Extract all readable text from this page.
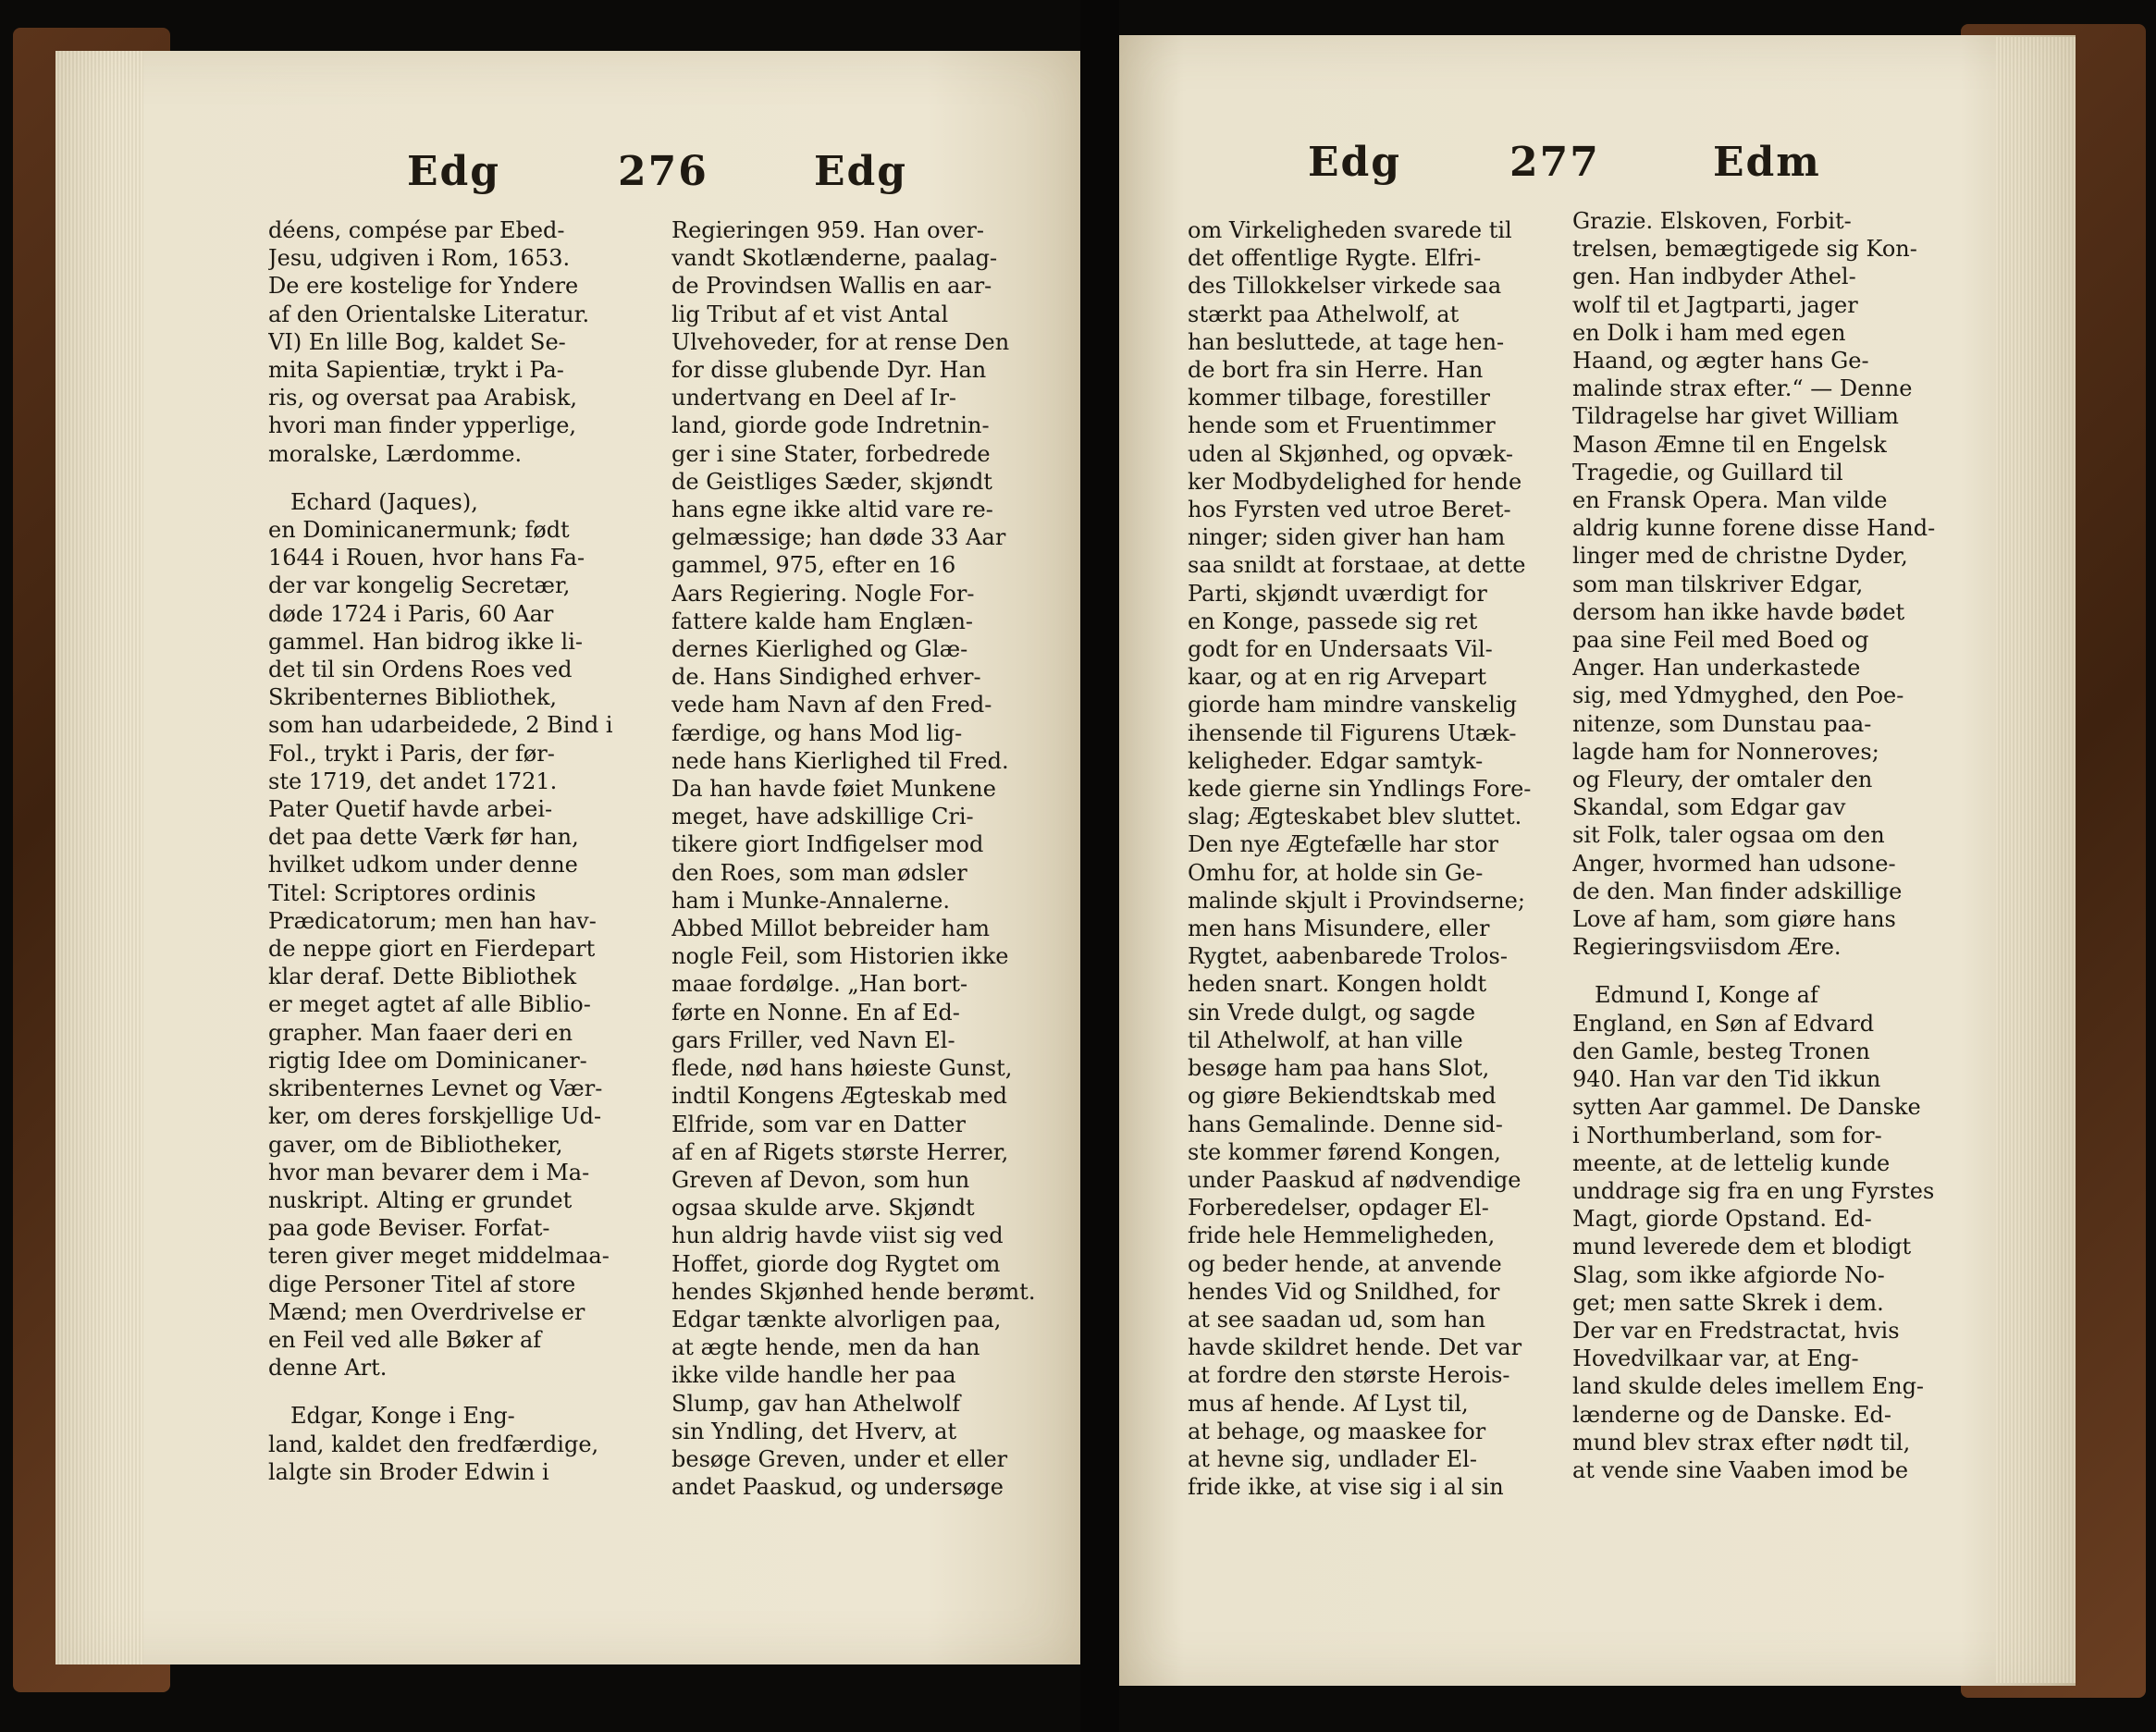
Edg	276	Edg	Edg	277	Edm
déens, compése par Ebed-
Jesu, udgiven i Rom, 1653.
De ere kostelige for Yndere
af den Orientalske Literatur.
VI) En lille Bog, kaldet Se-
mita Sapientiæ, trykt i Pa-
ris, og oversat paa Arabisk,
hvori man finder ypperlige,
moralske, Lærdomme.
Echard (Jaques),
en Dominicanermunk; født
1644 i Rouen, hvor hans Fa-
der var kongelig Secretær,
døde 1724 i Paris, 60 Aar
gammel. Han bidrog ikke li-
det til sin Ordens Roes ved
Skribenternes Bibliothek,
som han udarbeidede, 2 Bind i
Fol., trykt i Paris, der før-
ste 1719, det andet 1721.
Pater Quetif havde arbei-
det paa dette Værk før han,
hvilket udkom under denne
Titel: Scriptores ordinis
Prædicatorum; men han hav-
de neppe giort en Fierdepart
klar deraf. Dette Bibliothek
er meget agtet af alle Biblio-
grapher. Man faaer deri en
rigtig Idee om Dominicaner-
skribenternes Levnet og Vær-
ker, om deres forskjellige Ud-
gaver, om de Bibliotheker,
hvor man bevarer dem i Ma-
nuskript. Alting er grundet
paa gode Beviser. Forfat-
teren giver meget middelmaa-
dige Personer Titel af store
Mænd; men Overdrivelse er
en Feil ved alle Bøker af
denne Art.
Edgar, Konge i Eng-
land, kaldet den fredfærdige,
lalgte sin Broder Edwin i
Regieringen 959. Han over-
vandt Skotlænderne, paalag-
de Provindsen Wallis en aar-
lig Tribut af et vist Antal
Ulvehoveder, for at rense Den
for disse glubende Dyr. Han
undertvang en Deel af Ir-
land, giorde gode Indretnin-
ger i sine Stater, forbedrede
de Geistliges Sæder, skjøndt
hans egne ikke altid vare re-
gelmæssige; han døde 33 Aar
gammel, 975, efter en 16
Aars Regiering. Nogle For-
fattere kalde ham Englæn-
dernes Kierlighed og Glæ-
de. Hans Sindighed erhver-
vede ham Navn af den Fred-
færdige, og hans Mod lig-
nede hans Kierlighed til Fred.
Da han havde føiet Munkene
meget, have adskillige Cri-
tikere giort Indfigelser mod
den Roes, som man ødsler
ham i Munke-Annalerne.
Abbed Millot bebreider ham
nogle Feil, som Historien ikke
maae fordølge. „Han bort-
førte en Nonne. En af Ed-
gars Friller, ved Navn El-
flede, nød hans høieste Gunst,
indtil Kongens Ægteskab med
Elfride, som var en Datter
af en af Rigets største Herrer,
Greven af Devon, som hun
ogsaa skulde arve. Skjøndt
hun aldrig havde viist sig ved
Hoffet, giorde dog Rygtet om
hendes Skjønhed hende berømt.
Edgar tænkte alvorligen paa,
at ægte hende, men da han
ikke vilde handle her paa
Slump, gav han Athelwolf
sin Yndling, det Hverv, at
besøge Greven, under et eller
andet Paaskud, og undersøge
om Virkeligheden svarede til
det offentlige Rygte. Elfri-
des Tillokkelser virkede saa
stærkt paa Athelwolf, at
han besluttede, at tage hen-
de bort fra sin Herre. Han
kommer tilbage, forestiller
hende som et Fruentimmer
uden al Skjønhed, og opvæk-
ker Modbydelighed for hende
hos Fyrsten ved utroe Beret-
ninger; siden giver han ham
saa snildt at forstaae, at dette
Parti, skjøndt uværdigt for
en Konge, passede sig ret
godt for en Undersaats Vil-
kaar, og at en rig Arvepart
giorde ham mindre vanskelig
ihensende til Figurens Utæk-
keligheder. Edgar samtyk-
kede gierne sin Yndlings Fore-
slag; Ægteskabet blev sluttet.
Den nye Ægtefælle har stor
Omhu for, at holde sin Ge-
malinde skjult i Provindserne;
men hans Misundere, eller
Rygtet, aabenbarede Trolos-
heden snart. Kongen holdt
sin Vrede dulgt, og sagde
til Athelwolf, at han ville
besøge ham paa hans Slot,
og giøre Bekiendtskab med
hans Gemalinde. Denne sid-
ste kommer førend Kongen,
under Paaskud af nødvendige
Forberedelser, opdager El-
fride hele Hemmeligheden,
og beder hende, at anvende
hendes Vid og Snildhed, for
at see saadan ud, som han
havde skildret hende. Det var
at fordre den største Herois-
mus af hende. Af Lyst til,
at behage, og maaskee for
at hevne sig, undlader El-
fride ikke, at vise sig i al sin
Grazie. Elskoven, Forbit-
trelsen, bemægtigede sig Kon-
gen. Han indbyder Athel-
wolf til et Jagtparti, jager
en Dolk i ham med egen
Haand, og ægter hans Ge-
malinde strax efter.“ — Denne
Tildragelse har givet William
Mason Æmne til en Engelsk
Tragedie, og Guillard til
en Fransk Opera. Man vilde
aldrig kunne forene disse Hand-
linger med de christne Dyder,
som man tilskriver Edgar,
dersom han ikke havde bødet
paa sine Feil med Boed og
Anger. Han underkastede
sig, med Ydmyghed, den Poe-
nitenze, som Dunstau paa-
lagde ham for Nonneroves;
og Fleury, der omtaler den
Skandal, som Edgar gav
sit Folk, taler ogsaa om den
Anger, hvormed han udsone-
de den. Man finder adskillige
Love af ham, som giøre hans
Regieringsviisdom Ære.
Edmund I, Konge af
England, en Søn af Edvard
den Gamle, besteg Tronen
940. Han var den Tid ikkun
sytten Aar gammel. De Danske
i Northumberland, som for-
meente, at de lettelig kunde
unddrage sig fra en ung Fyrstes
Magt, giorde Opstand. Ed-
mund leverede dem et blodigt
Slag, som ikke afgiorde No-
get; men satte Skrek i dem.
Der var en Fredstractat, hvis
Hovedvilkaar var, at Eng-
land skulde deles imellem Eng-
lænderne og de Danske. Ed-
mund blev strax efter nødt til,
at vende sine Vaaben imod be
